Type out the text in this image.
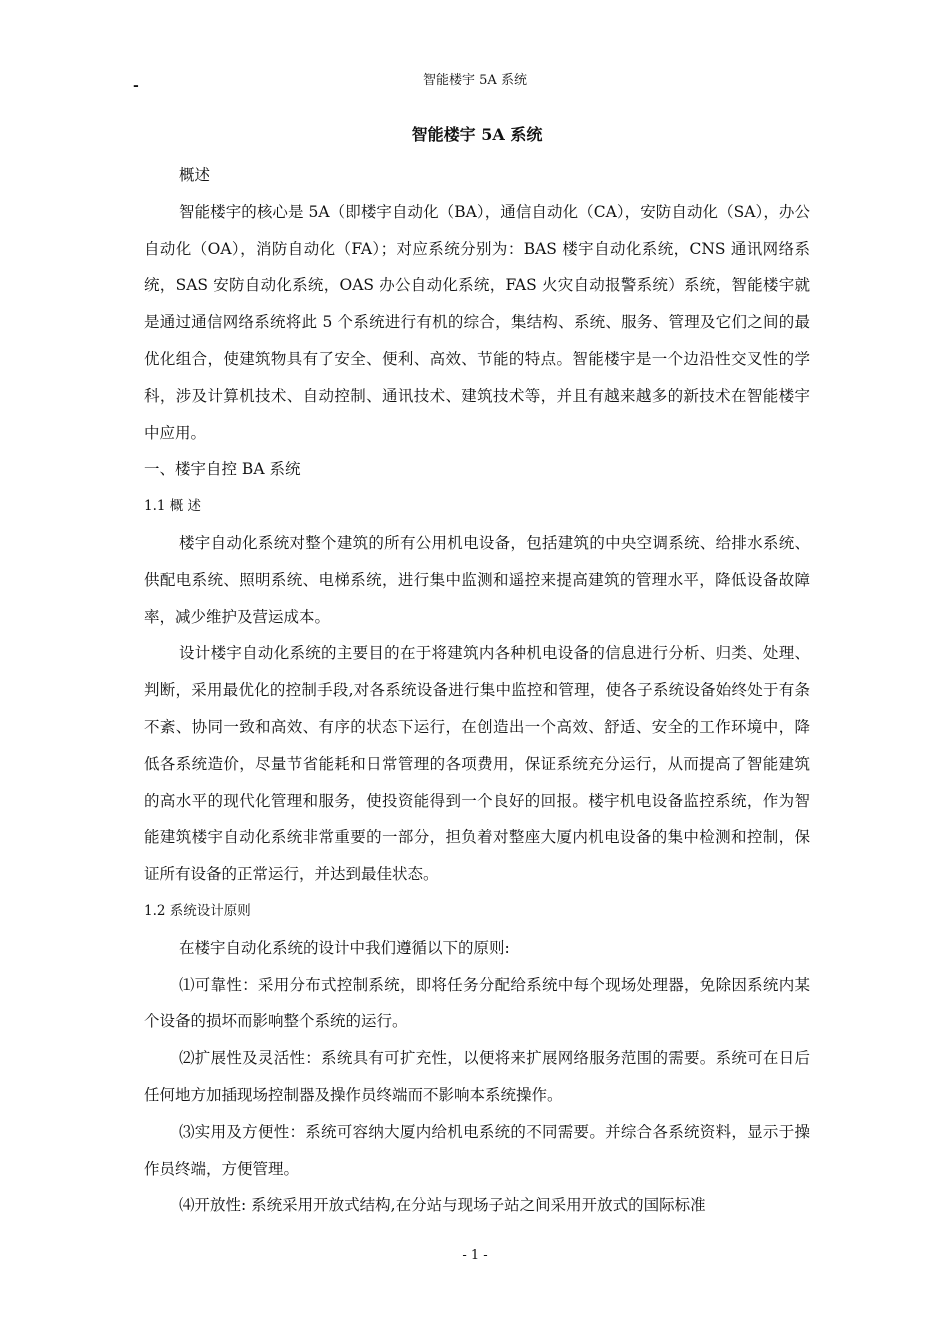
-	智能楼宇 5A 系统
智能楼宇 5A 系统

概述

智能楼宇的核心是 5A（即楼宇自动化（BA），通信自动化（CA），安防自动化（SA），办公自动化（OA），消防自动化（FA）；对应系统分别为：BAS 楼宇自动化系统，CNS 通讯网络系统，SAS 安防自动化系统，OAS 办公自动化系统，FAS 火灾自动报警系统）系统，智能楼宇就是通过通信网络系统将此 5 个系统进行有机的综合，集结构、系统、服务、管理及它们之间的最优化组合，使建筑物具有了安全、便利、高效、节能的特点。智能楼宇是一个边沿性交叉性的学科，涉及计算机技术、自动控制、通讯技术、建筑技术等，并且有越来越多的新技术在智能楼宇中应用。

一、楼宇自控 BA 系统

1.1 概 述

楼宇自动化系统对整个建筑的所有公用机电设备，包括建筑的中央空调系统、给排水系统、供配电系统、照明系统、电梯系统，进行集中监测和遥控来提高建筑的管理水平，降低设备故障率，减少维护及营运成本。

设计楼宇自动化系统的主要目的在于将建筑内各种机电设备的信息进行分析、归类、处理、判断，采用最优化的控制手段,对各系统设备进行集中监控和管理，使各子系统设备始终处于有条不紊、协同一致和高效、有序的状态下运行，在创造出一个高效、舒适、安全的工作环境中，降低各系统造价，尽量节省能耗和日常管理的各项费用，保证系统充分运行，从而提高了智能建筑的高水平的现代化管理和服务，使投资能得到一个良好的回报。楼宇机电设备监控系统，作为智能建筑楼宇自动化系统非常重要的一部分，担负着对整座大厦内机电设备的集中检测和控制，保证所有设备的正常运行，并达到最佳状态。

1.2 系统设计原则

在楼宇自动化系统的设计中我们遵循以下的原则:

⑴可靠性：采用分布式控制系统，即将任务分配给系统中每个现场处理器，免除因系统内某个设备的损坏而影响整个系统的运行。

⑵扩展性及灵活性：系统具有可扩充性，以便将来扩展网络服务范围的需要。系统可在日后任何地方加插现场控制器及操作员终端而不影响本系统操作。

⑶实用及方便性：系统可容纳大厦内给机电系统的不同需要。并综合各系统资料，显示于操作员终端，方便管理。

⑷开放性: 系统采用开放式结构,在分站与现场子站之间采用开放式的国际标准

- 1 -
